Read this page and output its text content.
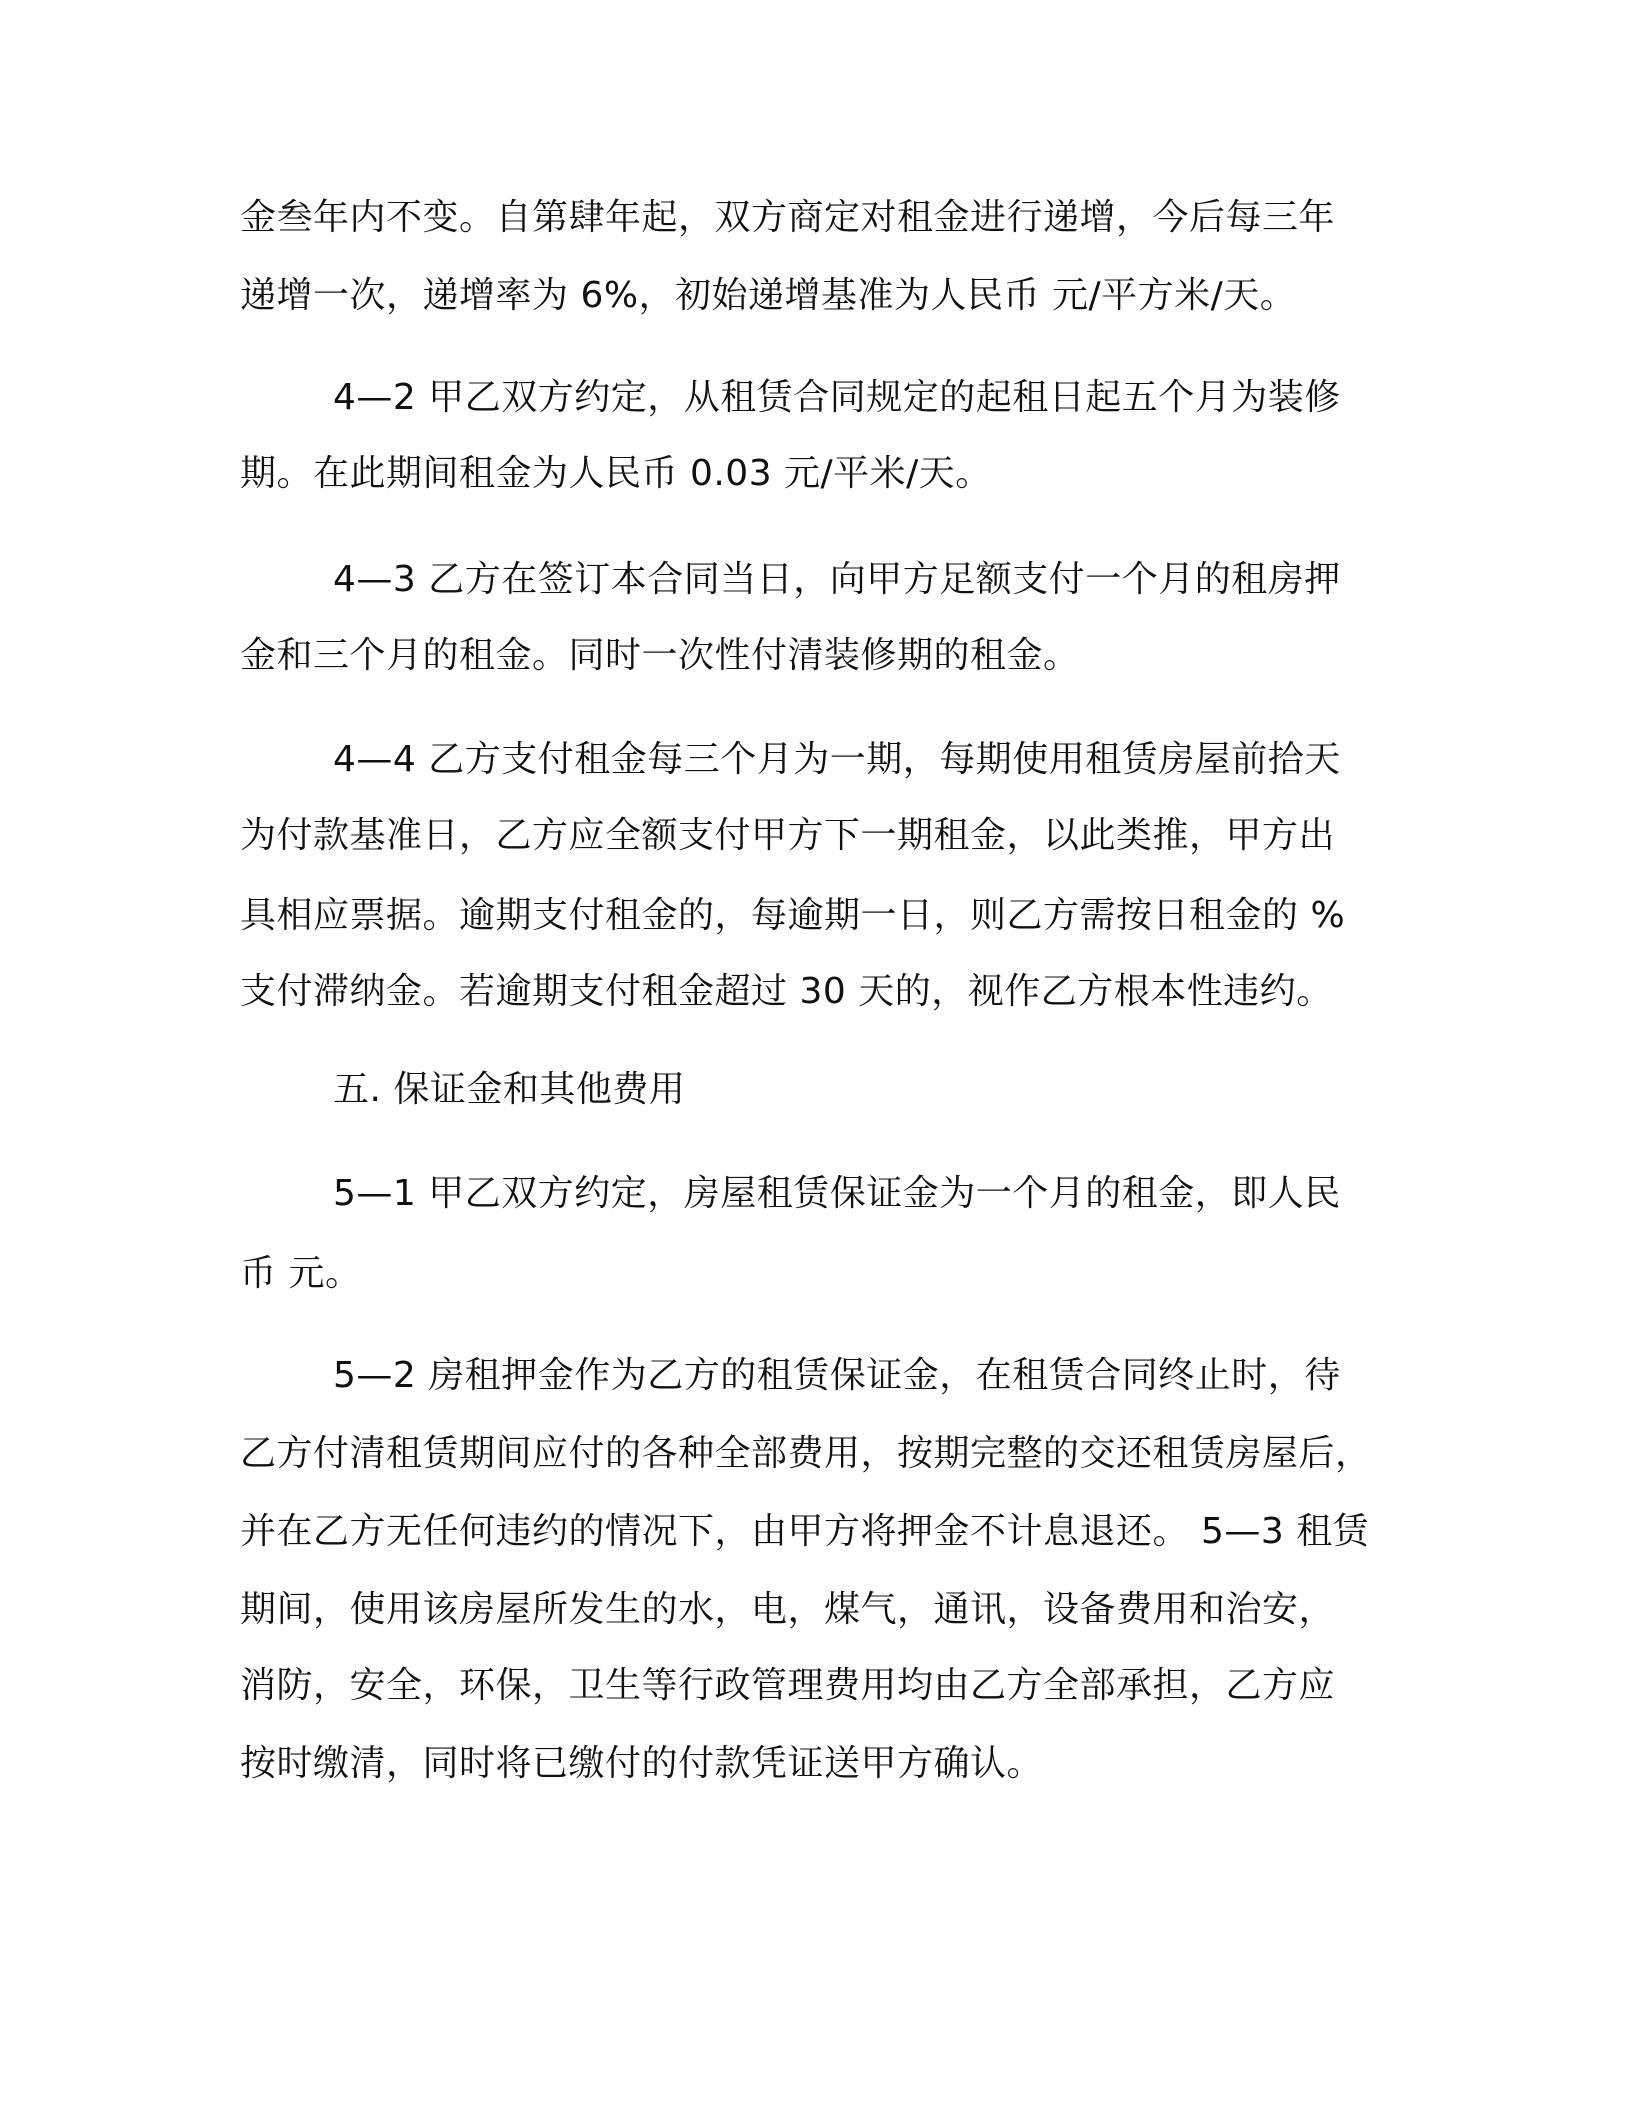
金叁年内不变。自第肆年起，双方商定对租金进行递增，今后每三年
递增一次，递增率为 6%，初始递增基准为人民币 元/平方米/天。
4—2 甲乙双方约定，从租赁合同规定的起租日起五个月为装修
期。在此期间租金为人民币 0.03 元/平米/天。
4—3 乙方在签订本合同当日，向甲方足额支付一个月的租房押
金和三个月的租金。同时一次性付清装修期的租金。
4—4 乙方支付租金每三个月为一期，每期使用租赁房屋前拾天
为付款基准日，乙方应全额支付甲方下一期租金，以此类推，甲方出
具相应票据。逾期支付租金的，每逾期一日，则乙方需按日租金的 %
支付滞纳金。若逾期支付租金超过 30 天的，视作乙方根本性违约。
五. 保证金和其他费用
5—1 甲乙双方约定，房屋租赁保证金为一个月的租金，即人民
币 元。
5—2 房租押金作为乙方的租赁保证金，在租赁合同终止时，待
乙方付清租赁期间应付的各种全部费用，按期完整的交还租赁房屋后，
并在乙方无任何违约的情况下，由甲方将押金不计息退还。 5—3 租赁
期间，使用该房屋所发生的水，电，煤气，通讯，设备费用和治安，
消防，安全，环保，卫生等行政管理费用均由乙方全部承担，乙方应
按时缴清，同时将已缴付的付款凭证送甲方确认。
